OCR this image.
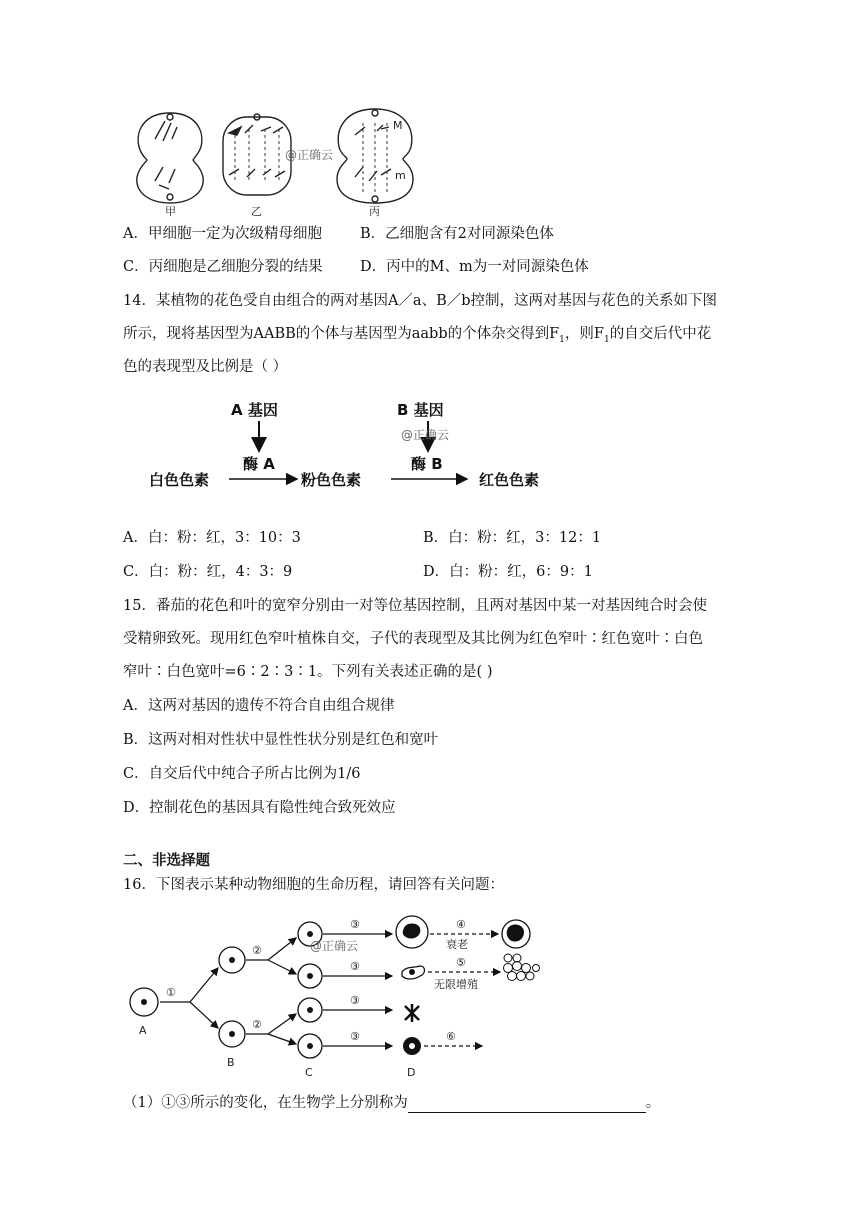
M
m
@正确云
甲	乙	丙
A．甲细胞一定为次级精母细胞	B．乙细胞含有2对同源染色体
C．丙细胞是乙细胞分裂的结果	D．丙中的M、m为一对同源染色体
14．某植物的花色受自由组合的两对基因A／a、B／b控制，这两对基因与花色的关系如下图
所示，现将基因型为AABB的个体与基因型为aabb的个体杂交得到$F_1$，则$F_1$的自交后代中花
色的表现型及比例是（ ）
A 基因	B 基因
@正确云
酶 A	酶 B
白色色素	粉色色素	红色色素
A．白：粉：红，3：10：3	B．白：粉：红，3：12：1
C．白：粉：红，4：3：9	D．白：粉：红，6：9：1
15．番茄的花色和叶的宽窄分别由一对等位基因控制，且两对基因中某一对基因纯合时会使
受精卵致死。现用红色窄叶植株自交，子代的表现型及其比例为红色窄叶∶红色宽叶∶白色
窄叶∶白色宽叶=6∶2∶3∶1。下列有关表述正确的是( )
A．这两对基因的遗传不符合自由组合规律
B．这两对相对性状中显性性状分别是红色和宽叶
C．自交后代中纯合子所占比例为1/6
D．控制花色的基因具有隐性纯合致死效应
二、非选择题
16．下图表示某种动物细胞的生命历程，请回答有关问题：
①
②
②
③
③
③
③
④
⑤
⑥
衰老
无限增殖
@正确云
A
B
C	D
（1）①③所示的变化，在生物学上分别称为	。
